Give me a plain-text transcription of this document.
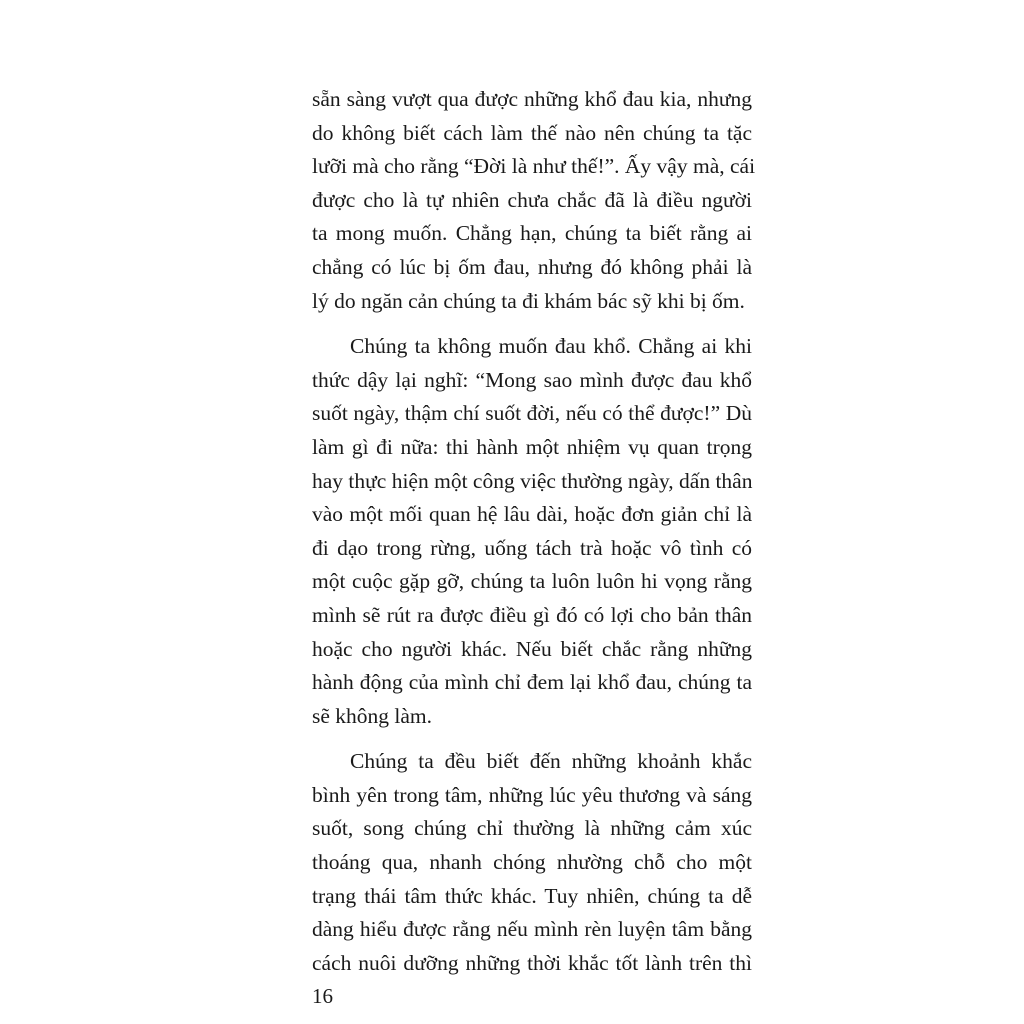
sẵn sàng vượt qua được những khổ đau kia, nhưng
do không biết cách làm thế nào nên chúng ta tặc
lưỡi mà cho rằng “Đời là như thế!”. Ấy vậy mà, cái
được cho là tự nhiên chưa chắc đã là điều người
ta mong muốn. Chẳng hạn, chúng ta biết rằng ai
chẳng có lúc bị ốm đau, nhưng đó không phải là
lý do ngăn cản chúng ta đi khám bác sỹ khi bị ốm.

Chúng ta không muốn đau khổ. Chẳng ai khi
thức dậy lại nghĩ: “Mong sao mình được đau khổ
suốt ngày, thậm chí suốt đời, nếu có thể được!” Dù
làm gì đi nữa: thi hành một nhiệm vụ quan trọng
hay thực hiện một công việc thường ngày, dấn thân
vào một mối quan hệ lâu dài, hoặc đơn giản chỉ là
đi dạo trong rừng, uống tách trà hoặc vô tình có
một cuộc gặp gỡ, chúng ta luôn luôn hi vọng rằng
mình sẽ rút ra được điều gì đó có lợi cho bản thân
hoặc cho người khác. Nếu biết chắc rằng những
hành động của mình chỉ đem lại khổ đau, chúng ta
sẽ không làm.

Chúng ta đều biết đến những khoảnh khắc
bình yên trong tâm, những lúc yêu thương và sáng
suốt, song chúng chỉ thường là những cảm xúc
thoáng qua, nhanh chóng nhường chỗ cho một
trạng thái tâm thức khác. Tuy nhiên, chúng ta dễ
dàng hiểu được rằng nếu mình rèn luyện tâm bằng
cách nuôi dưỡng những thời khắc tốt lành trên thì

16
